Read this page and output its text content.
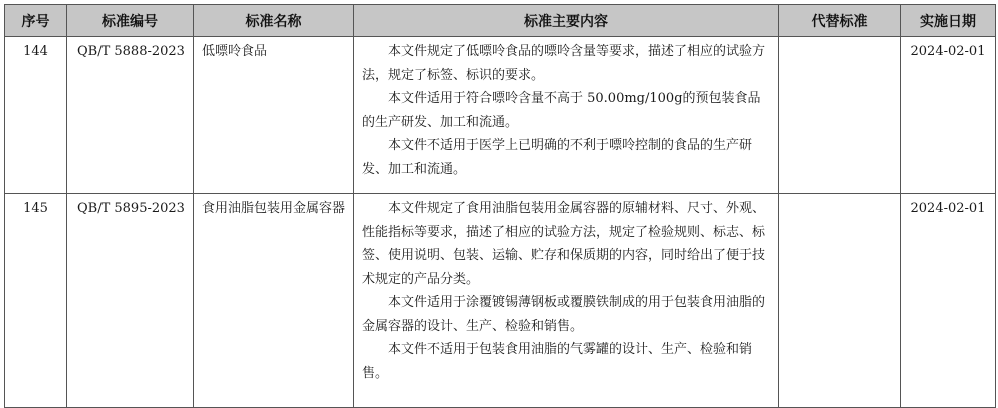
序号	标准编号	标准名称	标准主要内容	代替标准	实施日期
144	QB/T 5888-2023	低嘌呤食品	本文件规定了低嘌呤食品的嘌呤含量等要求，描述了相应的试验方法，规定了标签、标识的要求。

本文件适用于符合嘌呤含量不高于 50.00mg/100g的预包装食品的生产研发、加工和流通。

本文件不适用于医学上已明确的不利于嘌呤控制的食品的生产研发、加工和流通。		2024-02-01
145	QB/T 5895-2023	食用油脂包装用金属容器	本文件规定了食用油脂包装用金属容器的原辅材料、尺寸、外观、性能指标等要求，描述了相应的试验方法，规定了检验规则、标志、标签、使用说明、包装、运输、贮存和保质期的内容，同时给出了便于技术规定的产品分类。

本文件适用于涂覆镀锡薄钢板或覆膜铁制成的用于包装食用油脂的金属容器的设计、生产、检验和销售。

本文件不适用于包装食用油脂的气雾罐的设计、生产、检验和销售。		2024-02-01
